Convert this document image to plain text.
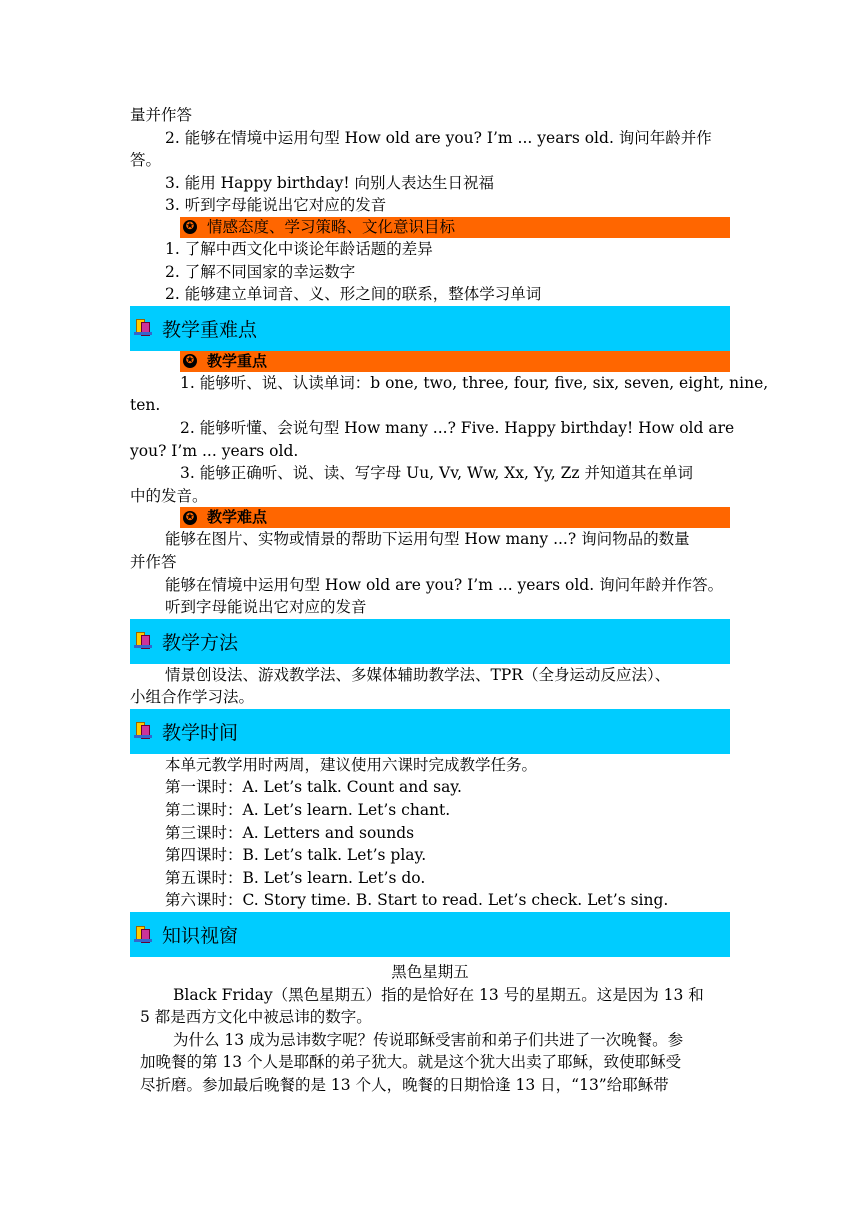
量并作答
2. 能够在情境中运用句型 How old are you? I’m ... years old. 询问年龄并作
答。
3. 能用 Happy birthday! 向别人表达生日祝福
3. 听到字母能说出它对应的发音
✪ 情感态度、学习策略、文化意识目标
1. 了解中西文化中谈论年龄话题的差异
2. 了解不同国家的幸运数字
2. 能够建立单词音、义、形之间的联系，整体学习单词
教学重难点
✪ 教学重点
1. 能够听、说、认读单词：b one, two, three, four, five, six, seven, eight, nine,
ten.
2. 能够听懂、会说句型 How many ...? Five. Happy birthday! How old are
you? I’m ... years old.
3. 能够正确听、说、读、写字母 Uu, Vv, Ww, Xx, Yy, Zz 并知道其在单词
中的发音。
✪ 教学难点
能够在图片、实物或情景的帮助下运用句型 How many ...? 询问物品的数量
并作答
能够在情境中运用句型 How old are you? I’m ... years old. 询问年龄并作答。
听到字母能说出它对应的发音
教学方法
情景创设法、游戏教学法、多媒体辅助教学法、TPR（全身运动反应法）、
小组合作学习法。
教学时间
本单元教学用时两周，建议使用六课时完成教学任务。
第一课时：A. Let’s talk. Count and say.
第二课时：A. Let’s learn. Let’s chant.
第三课时：A. Letters and sounds
第四课时：B. Let’s talk. Let’s play.
第五课时：B. Let’s learn. Let’s do.
第六课时：C. Story time. B. Start to read. Let’s check. Let’s sing.
知识视窗
黑色星期五
Black Friday（黑色星期五）指的是恰好在 13 号的星期五。这是因为 13 和
5 都是西方文化中被忌讳的数字。
为什么 13 成为忌讳数字呢？传说耶稣受害前和弟子们共进了一次晚餐。参
加晚餐的第 13 个人是耶酥的弟子犹大。就是这个犹大出卖了耶稣，致使耶稣受
尽折磨。参加最后晚餐的是 13 个人，晚餐的日期恰逢 13 日，“13”给耶稣带
